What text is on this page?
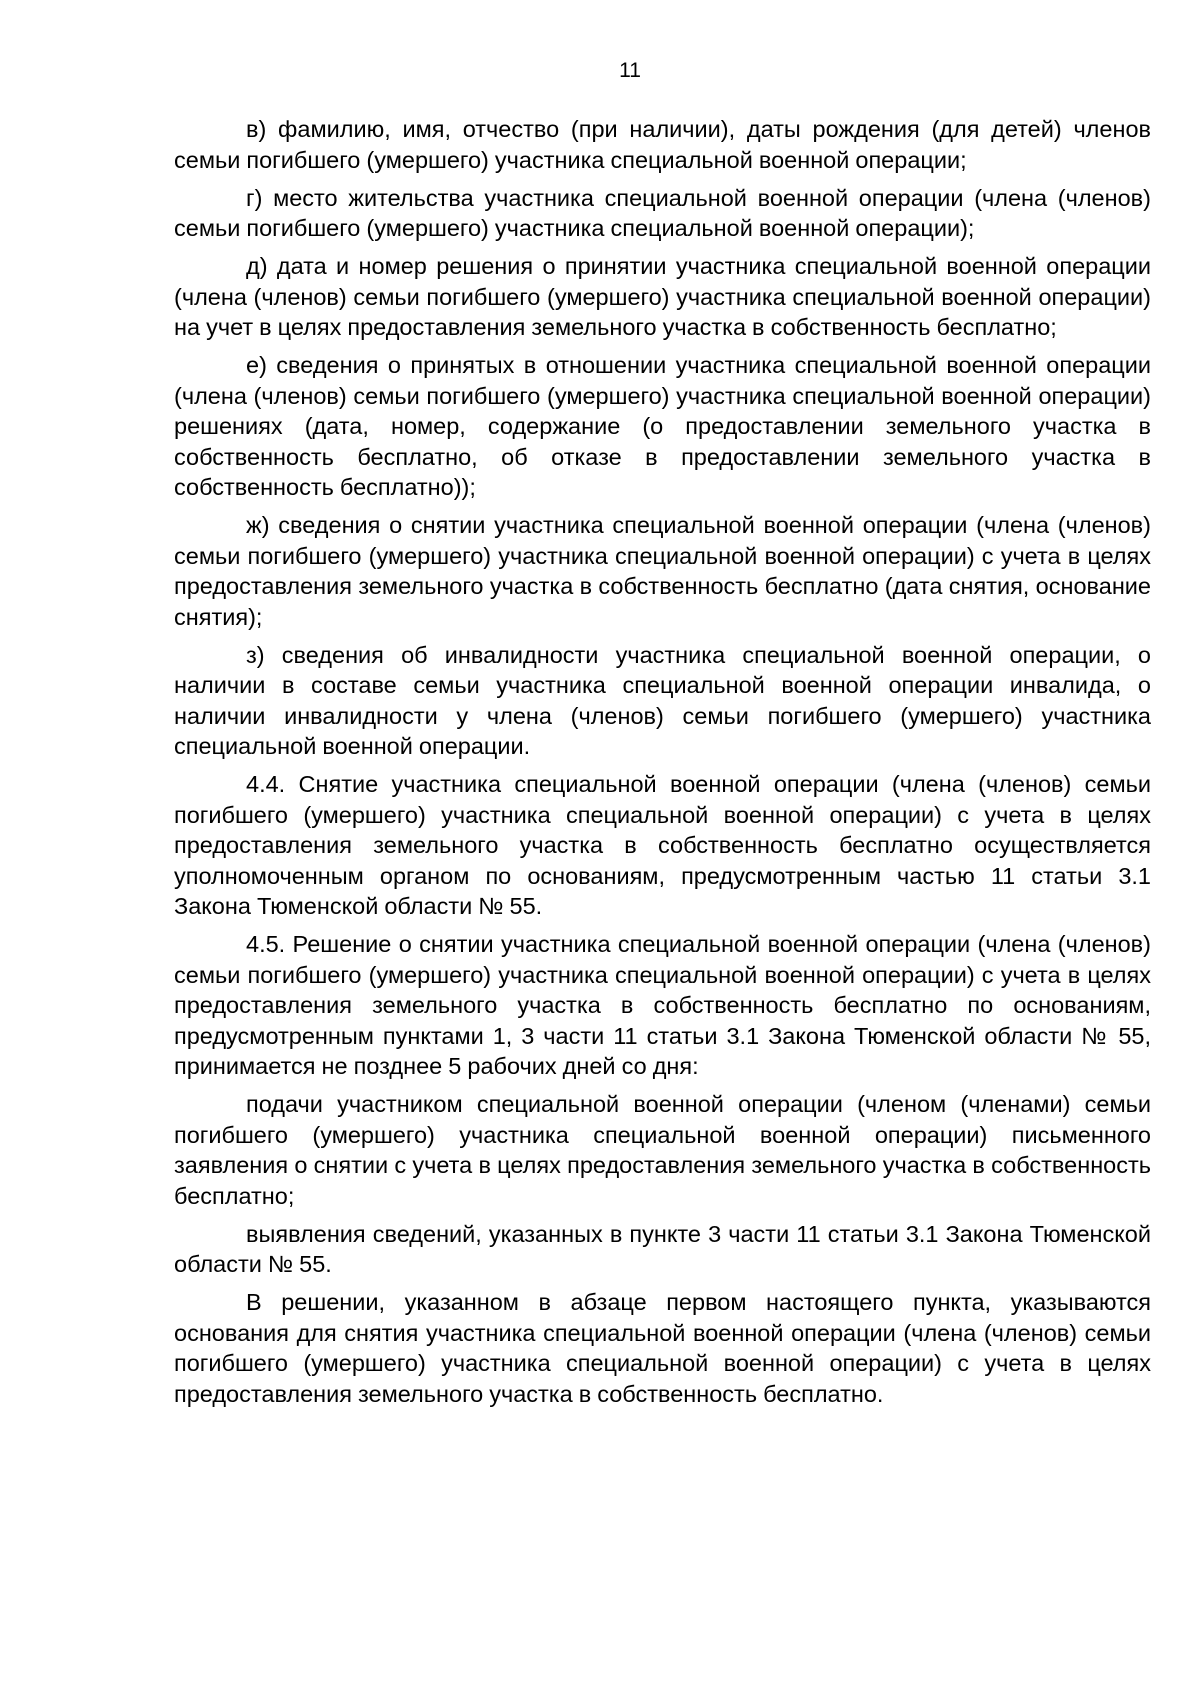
11

в) фамилию, имя, отчество (при наличии), даты рождения (для детей) членов семьи погибшего (умершего) участника специальной военной операции;

г) место жительства участника специальной военной операции (члена (членов) семьи погибшего (умершего) участника специальной военной операции);

д) дата и номер решения о принятии участника специальной военной операции (члена (членов) семьи погибшего (умершего) участника специальной военной операции) на учет в целях предоставления земельного участка в собственность бесплатно;

е) сведения о принятых в отношении участника специальной военной операции (члена (членов) семьи погибшего (умершего) участника специальной военной операции) решениях (дата, номер, содержание (о предоставлении земельного участка в собственность бесплатно, об отказе в предоставлении земельного участка в собственность бесплатно));

ж) сведения о снятии участника специальной военной операции (члена (членов) семьи погибшего (умершего) участника специальной военной операции) с учета в целях предоставления земельного участка в собственность бесплатно (дата снятия, основание снятия);

з) сведения об инвалидности участника специальной военной операции, о наличии в составе семьи участника специальной военной операции инвалида, о наличии инвалидности у члена (членов) семьи погибшего (умершего) участника специальной военной операции.

4.4. Снятие участника специальной военной операции (члена (членов) семьи погибшего (умершего) участника специальной военной операции) с учета в целях предоставления земельного участка в собственность бесплатно осуществляется уполномоченным органом по основаниям, предусмотренным частью 11 статьи 3.1 Закона Тюменской области № 55.

4.5. Решение о снятии участника специальной военной операции (члена (членов) семьи погибшего (умершего) участника специальной военной операции) с учета в целях предоставления земельного участка в собственность бесплатно по основаниям, предусмотренным пунктами 1, 3 части 11 статьи 3.1 Закона Тюменской области № 55, принимается не позднее 5 рабочих дней со дня:

подачи участником специальной военной операции (членом (членами) семьи погибшего (умершего) участника специальной военной операции) письменного заявления о снятии с учета в целях предоставления земельного участка в собственность бесплатно;

выявления сведений, указанных в пункте 3 части 11 статьи 3.1 Закона Тюменской области № 55.

В решении, указанном в абзаце первом настоящего пункта, указываются основания для снятия участника специальной военной операции (члена (членов) семьи погибшего (умершего) участника специальной военной операции) с учета в целях предоставления земельного участка в собственность бесплатно.
